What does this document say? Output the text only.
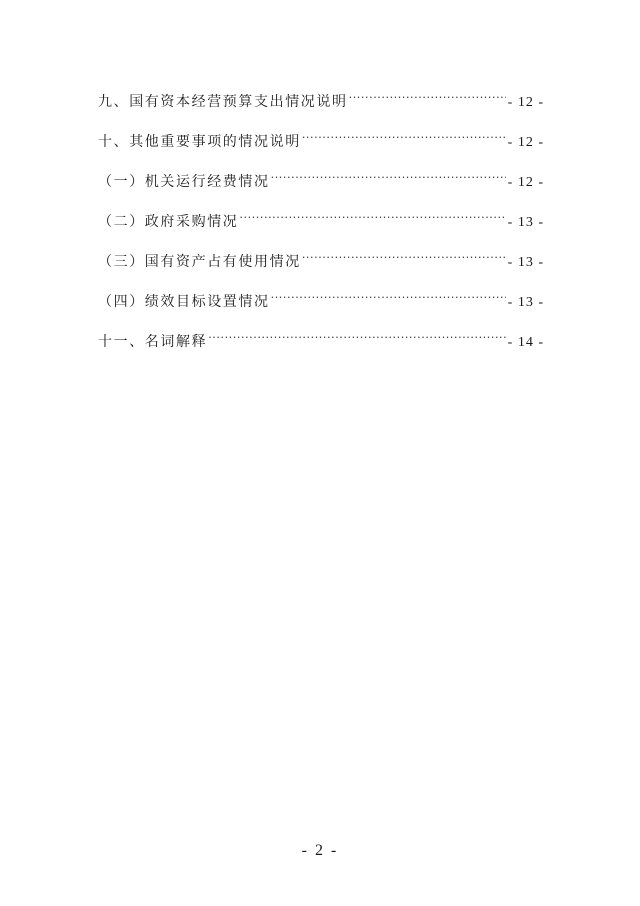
九、国有资本经营预算支出情况说明 .....	- 12 -
十、其他重要事项的情况说明 .....	- 12 -
（一）机关运行经费情况 .....	- 12 -
（二）政府采购情况 .....	- 13 -
（三）国有资产占有使用情况 .....	- 13 -
（四）绩效目标设置情况 .....	- 13 -
十一、名词解释 .....	- 14 -
- 2 -
